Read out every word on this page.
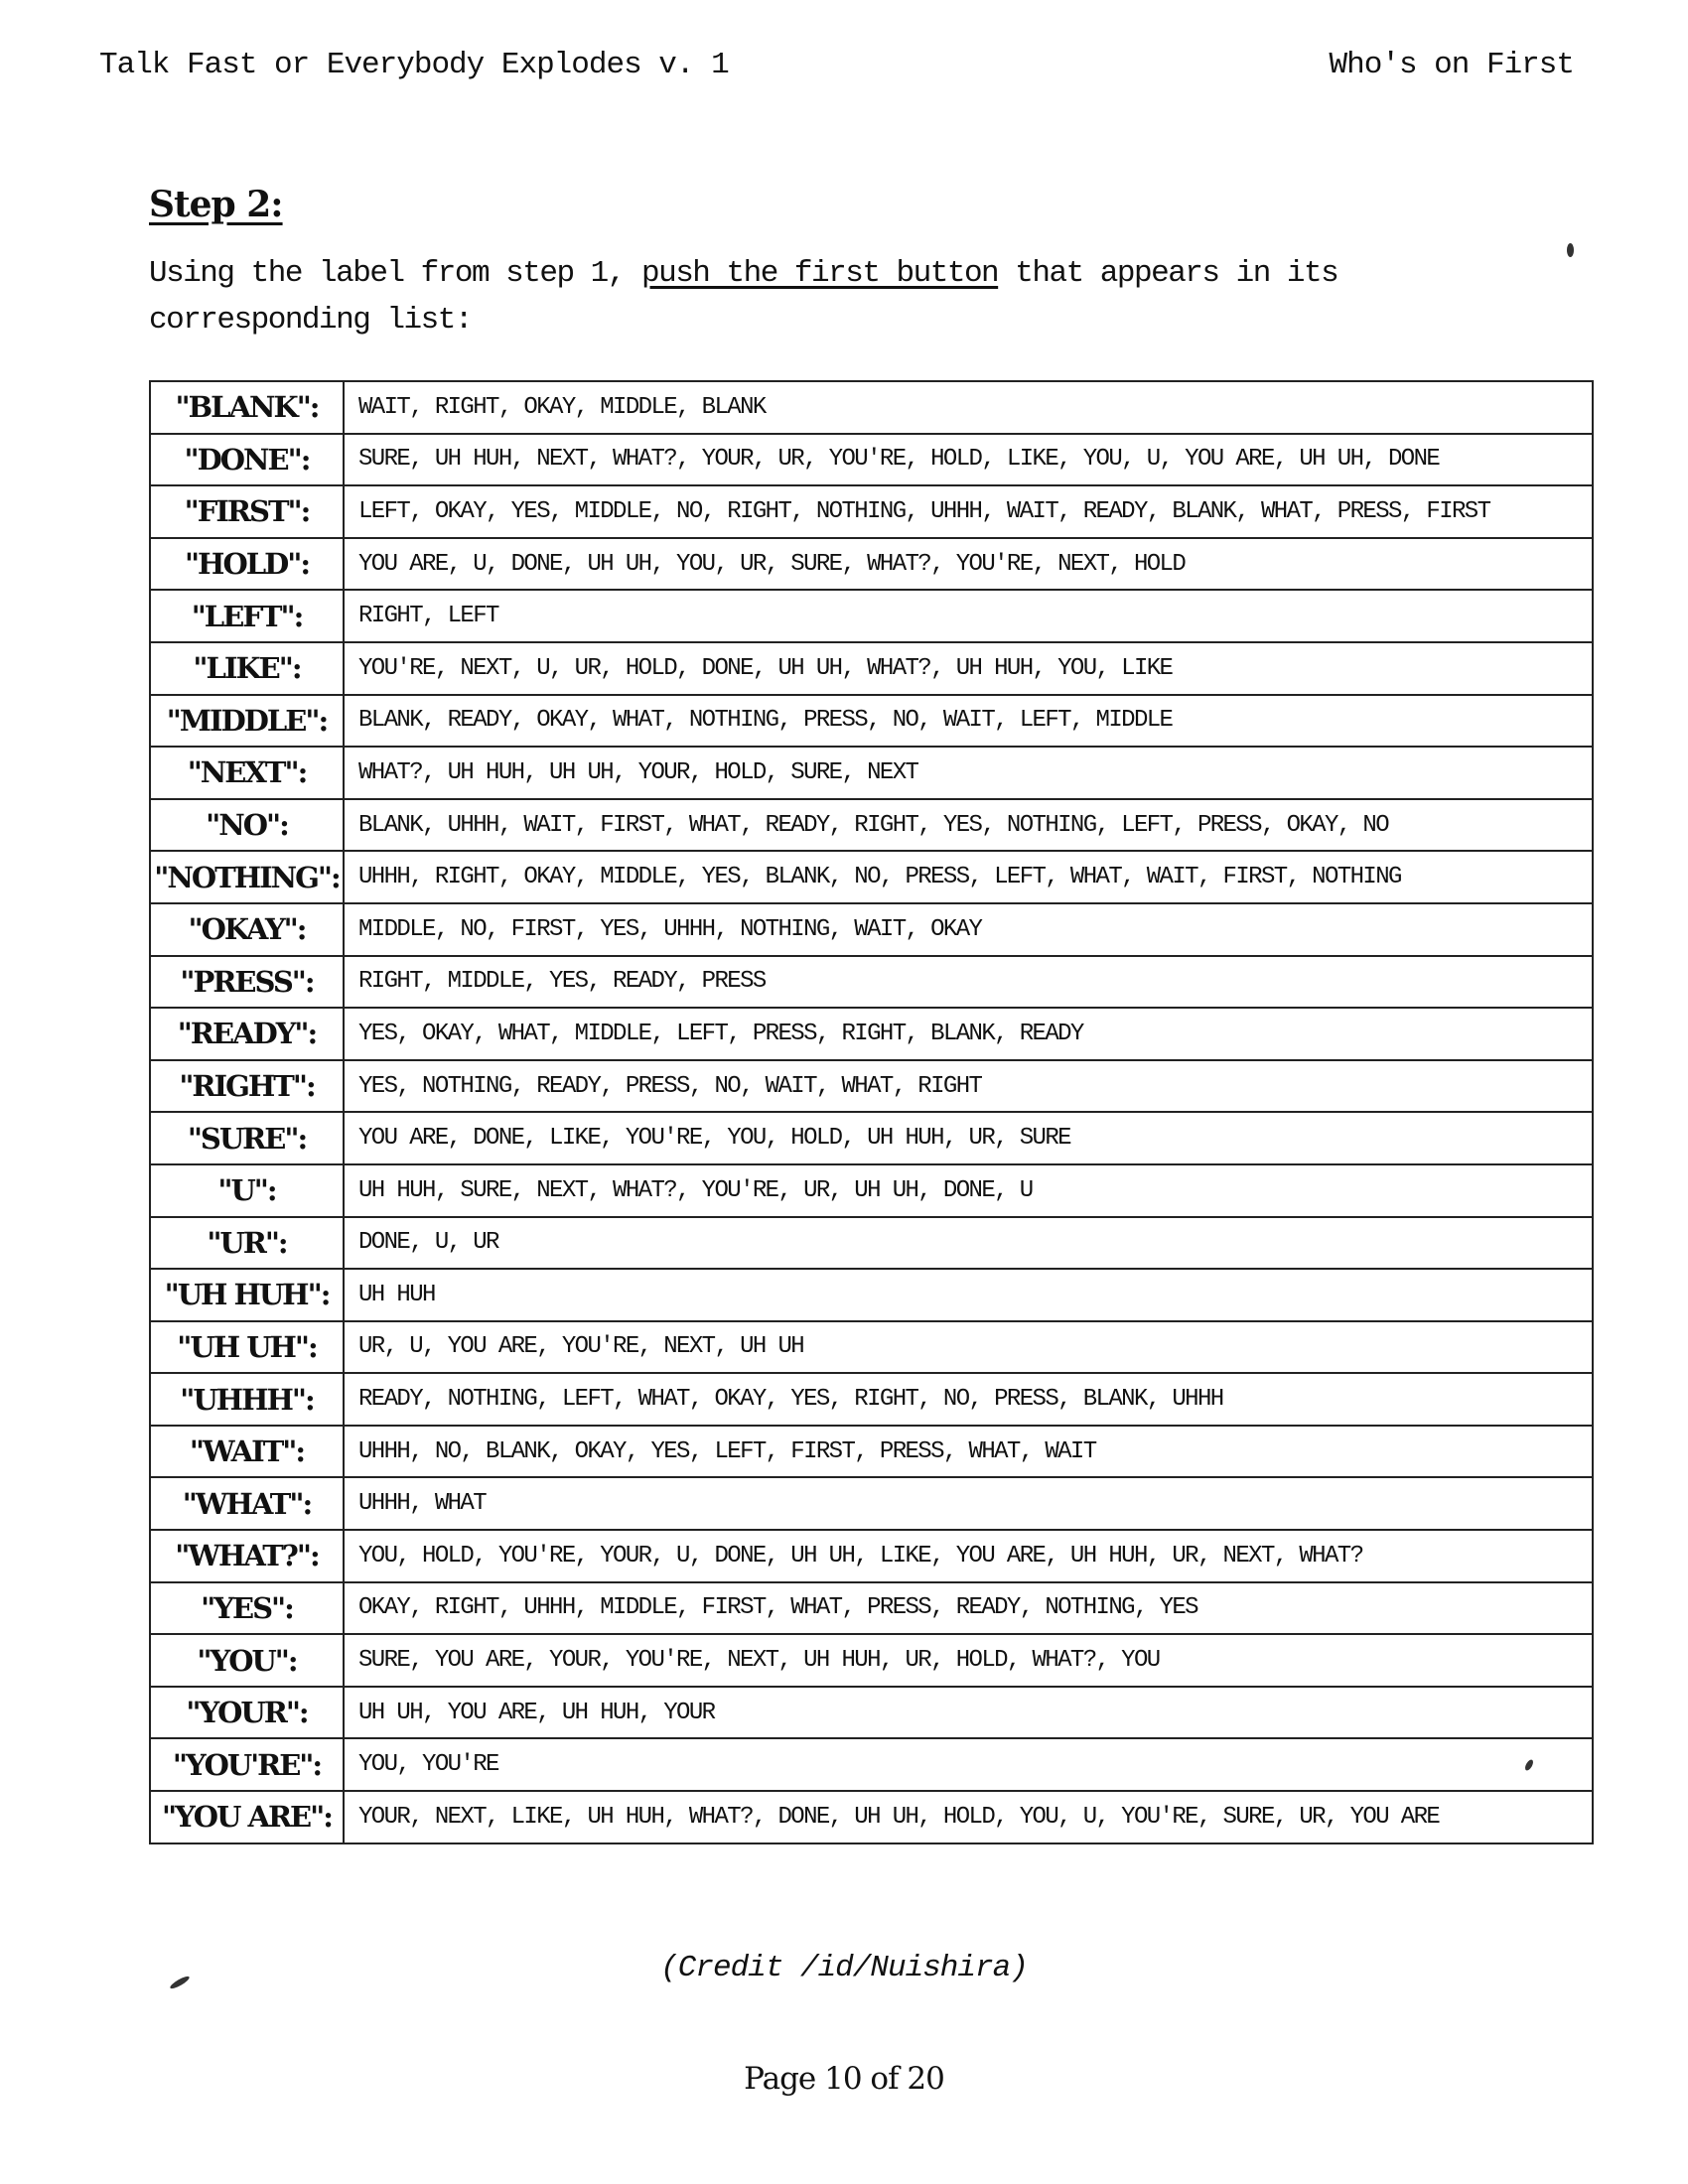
Talk Fast or Everybody Explodes v. 1	Who's on First
Step 2:
Using the label from step 1, push the first button that appears in its corresponding list:
"BLANK":	WAIT, RIGHT, OKAY, MIDDLE, BLANK
"DONE":	SURE, UH HUH, NEXT, WHAT?, YOUR, UR, YOU'RE, HOLD, LIKE, YOU, U, YOU ARE, UH UH, DONE
"FIRST":	LEFT, OKAY, YES, MIDDLE, NO, RIGHT, NOTHING, UHHH, WAIT, READY, BLANK, WHAT, PRESS, FIRST
"HOLD":	YOU ARE, U, DONE, UH UH, YOU, UR, SURE, WHAT?, YOU'RE, NEXT, HOLD
"LEFT":	RIGHT, LEFT
"LIKE":	YOU'RE, NEXT, U, UR, HOLD, DONE, UH UH, WHAT?, UH HUH, YOU, LIKE
"MIDDLE":	BLANK, READY, OKAY, WHAT, NOTHING, PRESS, NO, WAIT, LEFT, MIDDLE
"NEXT":	WHAT?, UH HUH, UH UH, YOUR, HOLD, SURE, NEXT
"NO":	BLANK, UHHH, WAIT, FIRST, WHAT, READY, RIGHT, YES, NOTHING, LEFT, PRESS, OKAY, NO
"NOTHING":	UHHH, RIGHT, OKAY, MIDDLE, YES, BLANK, NO, PRESS, LEFT, WHAT, WAIT, FIRST, NOTHING
"OKAY":	MIDDLE, NO, FIRST, YES, UHHH, NOTHING, WAIT, OKAY
"PRESS":	RIGHT, MIDDLE, YES, READY, PRESS
"READY":	YES, OKAY, WHAT, MIDDLE, LEFT, PRESS, RIGHT, BLANK, READY
"RIGHT":	YES, NOTHING, READY, PRESS, NO, WAIT, WHAT, RIGHT
"SURE":	YOU ARE, DONE, LIKE, YOU'RE, YOU, HOLD, UH HUH, UR, SURE
"U":	UH HUH, SURE, NEXT, WHAT?, YOU'RE, UR, UH UH, DONE, U
"UR":	DONE, U, UR
"UH HUH":	UH HUH
"UH UH":	UR, U, YOU ARE, YOU'RE, NEXT, UH UH
"UHHH":	READY, NOTHING, LEFT, WHAT, OKAY, YES, RIGHT, NO, PRESS, BLANK, UHHH
"WAIT":	UHHH, NO, BLANK, OKAY, YES, LEFT, FIRST, PRESS, WHAT, WAIT
"WHAT":	UHHH, WHAT
"WHAT?":	YOU, HOLD, YOU'RE, YOUR, U, DONE, UH UH, LIKE, YOU ARE, UH HUH, UR, NEXT, WHAT?
"YES":	OKAY, RIGHT, UHHH, MIDDLE, FIRST, WHAT, PRESS, READY, NOTHING, YES
"YOU":	SURE, YOU ARE, YOUR, YOU'RE, NEXT, UH HUH, UR, HOLD, WHAT?, YOU
"YOUR":	UH UH, YOU ARE, UH HUH, YOUR
"YOU'RE":	YOU, YOU'RE
"YOU ARE":	YOUR, NEXT, LIKE, UH HUH, WHAT?, DONE, UH UH, HOLD, YOU, U, YOU'RE, SURE, UR, YOU ARE
(Credit /id/Nuishira)
Page 10 of 20
